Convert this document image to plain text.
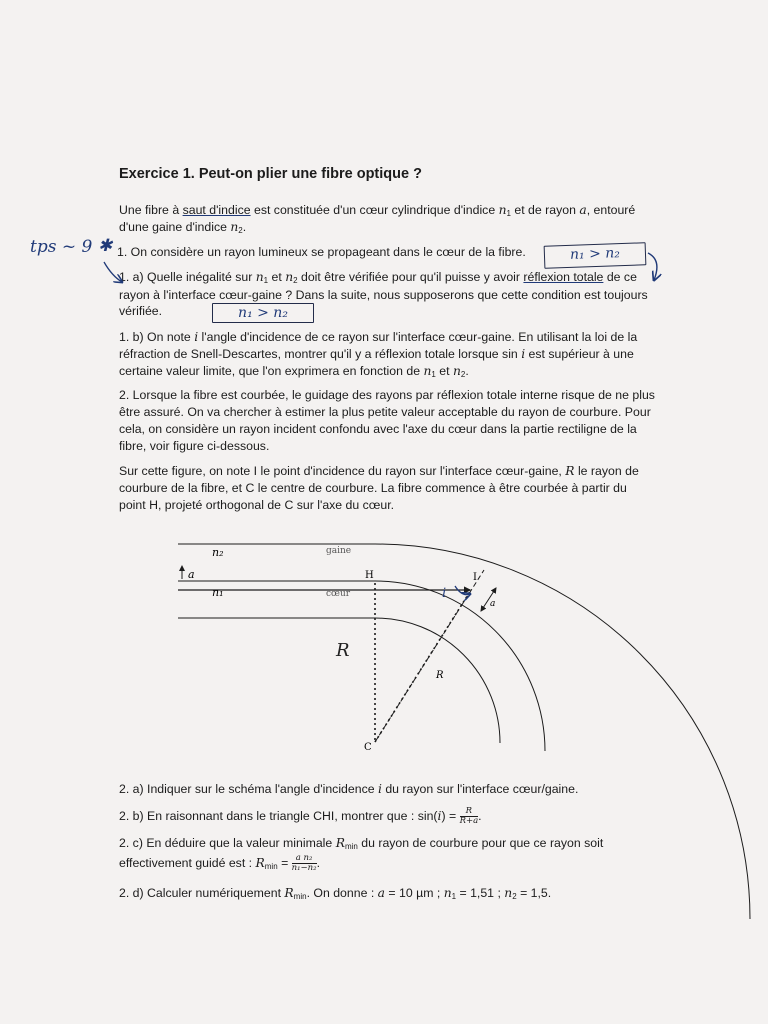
Exercice 1. Peut-on plier une fibre optique ?
Une fibre à saut d'indice est constituée d'un cœur cylindrique d'indice $n_1$ et de rayon a, entouré
d'une gaine d'indice $n_2$.
tps ~ 9 ✱ 1. On considère un rayon lumineux se propageant dans le cœur de la fibre.	n₁ > n₂
1. a) Quelle inégalité sur $n_1$ et $n_2$ doit être vérifiée pour qu'il puisse y avoir réflexion totale de ce
rayon à l'interface cœur-gaine ? Dans la suite, nous supposerons que cette condition est toujours
vérifiée.	n₁ > n₂
1. b) On note i l'angle d'incidence de ce rayon sur l'interface cœur-gaine. En utilisant la loi de la
réfraction de Snell-Descartes, montrer qu'il y a réflexion totale lorsque sin i est supérieur à une
certaine valeur limite, que l'on exprimera en fonction de $n_1$ et $n_2$.
2. Lorsque la fibre est courbée, le guidage des rayons par réflexion totale interne risque de ne plus
être assuré. On va chercher à estimer la plus petite valeur acceptable du rayon de courbure. Pour
cela, on considère un rayon incident confondu avec l'axe du cœur dans la partie rectiligne de la
fibre, voir figure ci-dessous.
Sur cette figure, on note I le point d'incidence du rayon sur l'interface cœur-gaine, R le rayon de
courbure de la fibre, et C le centre de courbure. La fibre commence à être courbée à partir du
point H, projeté orthogonal de C sur l'axe du cœur.
n₂	gaine
a	H
n₁	cœur
I
i
a
R
R
C
2. a) Indiquer sur le schéma l'angle d'incidence i du rayon sur l'interface cœur/gaine.
2. b) En raisonnant dans le triangle CHI, montrer que : $\sin(i) = \frac{R}{R+a}$ .
2. c) En déduire que la valeur minimale $R_{min}$ du rayon de courbure pour que ce rayon soit
effectivement guidé est : $R_{min} = \frac{\text{a n₂}}{\text{n₁−n₂}}$ .
2. d) Calculer numériquement $R_{min}$. On donne : a = 10 µm ; $n_1 = 1,51$ ; $n_2 = 1,5$.
